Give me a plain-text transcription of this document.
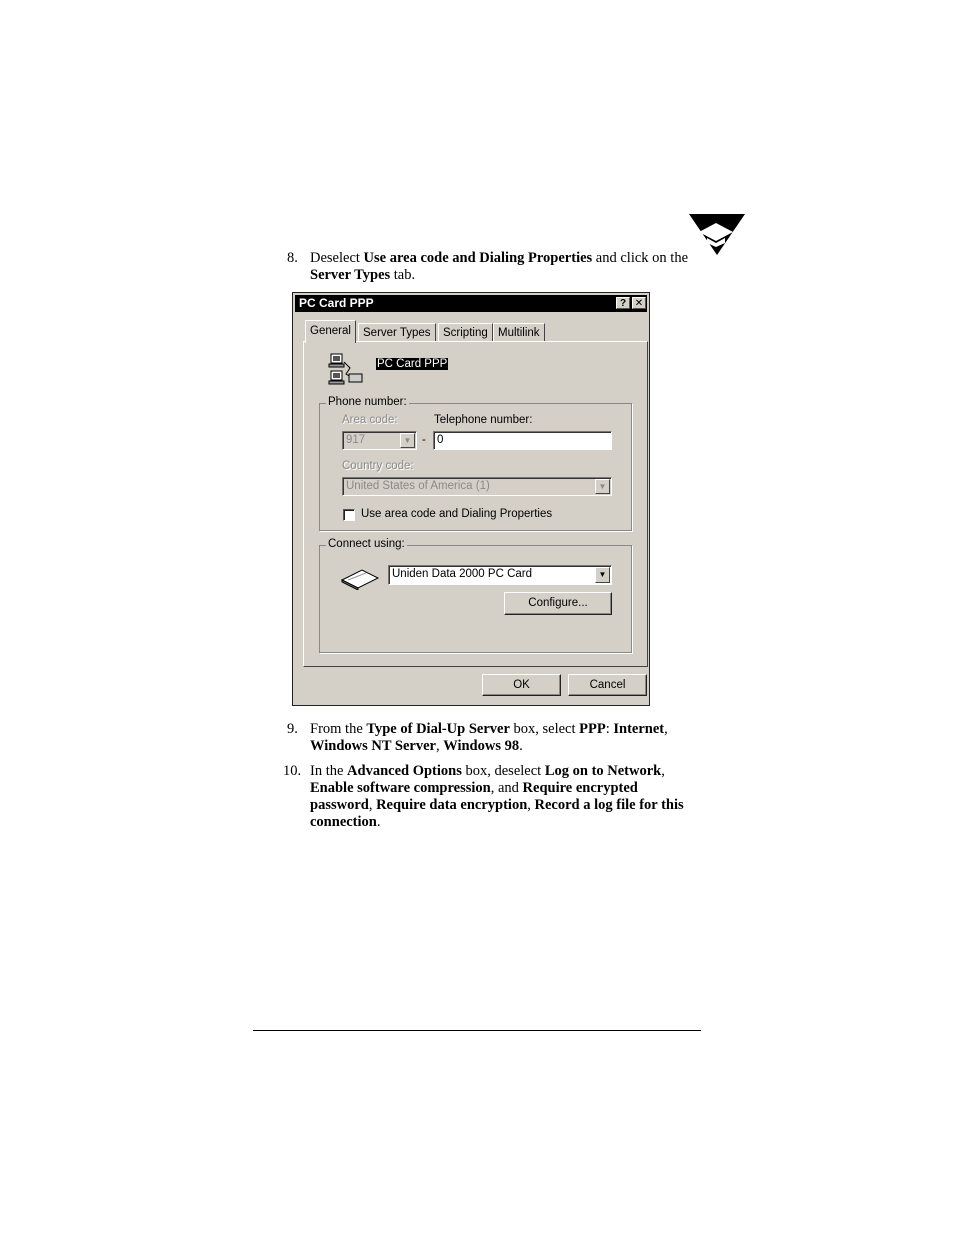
8. Deselect Use area code and Dialing Properties and click on the Server Types tab.
PC Card PPP	? ✕
General	Server Types	Scripting Multilink
PC Card PPP
Phone number:
Area code:
917	▼ -
Telephone number:
0
Country code:
United States of America (1)	▼
Use area code and Dialing Properties
Connect using:
Uniden Data 2000 PC Card	▼
Configure...
OK	Cancel
9. From the Type of Dial-Up Server box, select PPP: Internet, Windows NT Server, Windows 98.
10. In the Advanced Options box, deselect Log on to Network, Enable software compression, and Require encrypted password, Require data encryption, Record a log file for this connection.
